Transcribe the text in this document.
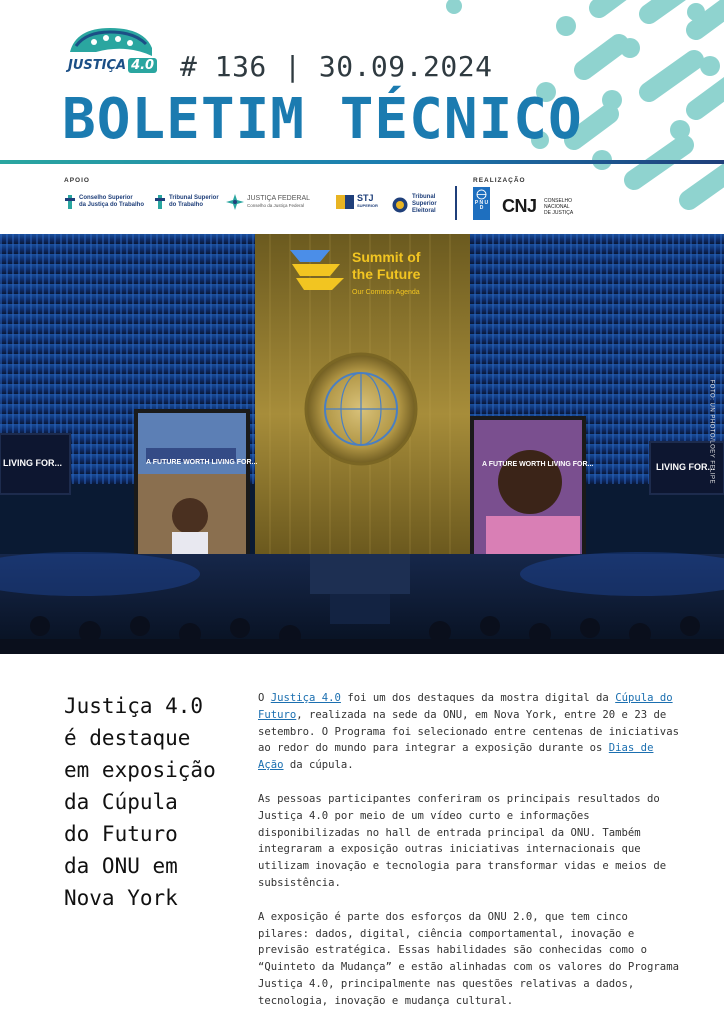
JUSTIÇA 4.0 # 136 | 30.09.2024
BOLETIM TÉCNICO
APOIO	REALIZAÇÃO
Conselho Superior
da Justiça do Trabalho
Tribunal Superior
do Trabalho
JUSTIÇA FEDERAL
Conselho da Justiça Federal
STJ
SUPERIOR
Tribunal
Superior
Eleitoral
P N U D	CNJ CONSELHO
NACIONAL
DE JUSTIÇA
Summit of
the Future
Our Common Agenda
LIVING FOR...	LIVING FOR...
A FUTURE WORTH LIVING FOR...	A FUTURE WORTH LIVING FOR...	FOTO: UN PHOTO/LOEY FELIPE
Justiça 4.0
é destaque
em exposição
da Cúpula
do Futuro
da ONU em
Nova York

O Justiça 4.0 foi um dos destaques da mostra digital da Cúpula do Futuro, realizada na sede da ONU, em Nova York, entre 20 e 23 de setembro. O Programa foi selecionado entre centenas de iniciativas ao redor do mundo para integrar a exposição durante os Dias de Ação da cúpula.

As pessoas participantes conferiram os principais resultados do Justiça 4.0 por meio de um vídeo curto e informações disponibilizadas no hall de entrada principal da ONU. Também integraram a exposição outras iniciativas internacionais que utilizam inovação e tecnologia para transformar vidas e meios de subsistência.

A exposição é parte dos esforços da ONU 2.0, que tem cinco pilares: dados, digital, ciência comportamental, inovação e previsão estratégica. Essas habilidades são conhecidas como o “Quinteto da Mudança” e estão alinhadas com os valores do Programa Justiça 4.0, principalmente nas questões relativas a dados, tecnologia, inovação e mudança cultural.
